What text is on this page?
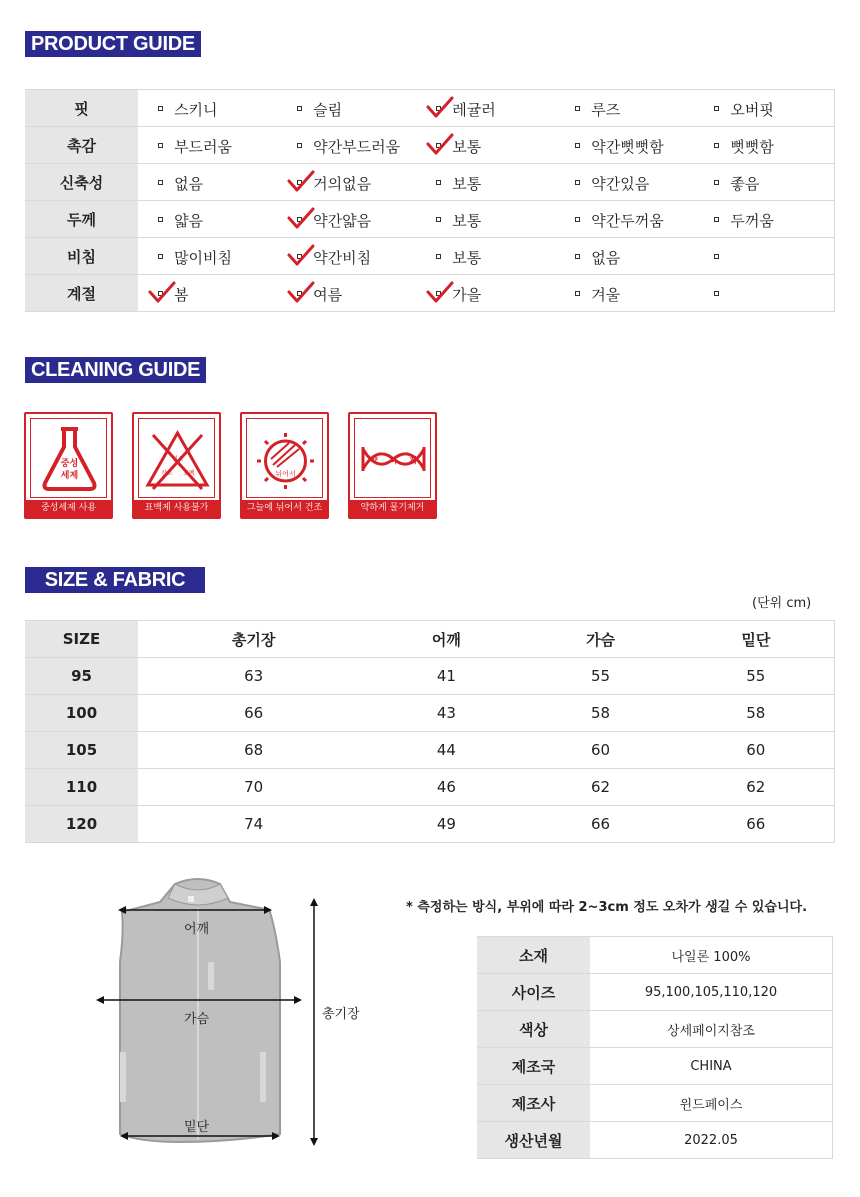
PRODUCT GUIDE
핏	스키니	슬림	레귤러	루즈	오버핏

촉감	부드러움	약간부드러움	보통	약간뻣뻣함	뻣뻣함

신축성	없음	거의없음	보통	약간있음	좋음

두께	얇음	약간얇음	보통	약간두꺼움	두꺼움

비침	많이비침	약간비침	보통	없음	

계절	봄	여름	가을	겨울	

CLEANING GUIDE
중성
세제
중성세제 사용
염소
산소 표백
표백제 사용불가
뉘어서
그늘에 뉘어서 건조
약 하 게
약하게 물기제거
SIZE & FABRIC
(단위 cm)
SIZE	총기장	어깨	가슴	밑단
95	63	41	55	55
100	66	43	58	58
105	68	44	60	60
110	70	46	62	62
120	74	49	66	66
어깨
가슴
밑단
총기장
* 측정하는 방식, 부위에 따라 2~3cm 정도 오차가 생길 수 있습니다.
소재	나일론 100%
사이즈	95,100,105,110,120
색상	상세페이지참조
제조국	CHINA
제조사	윈드페이스
생산년월	2022.05
